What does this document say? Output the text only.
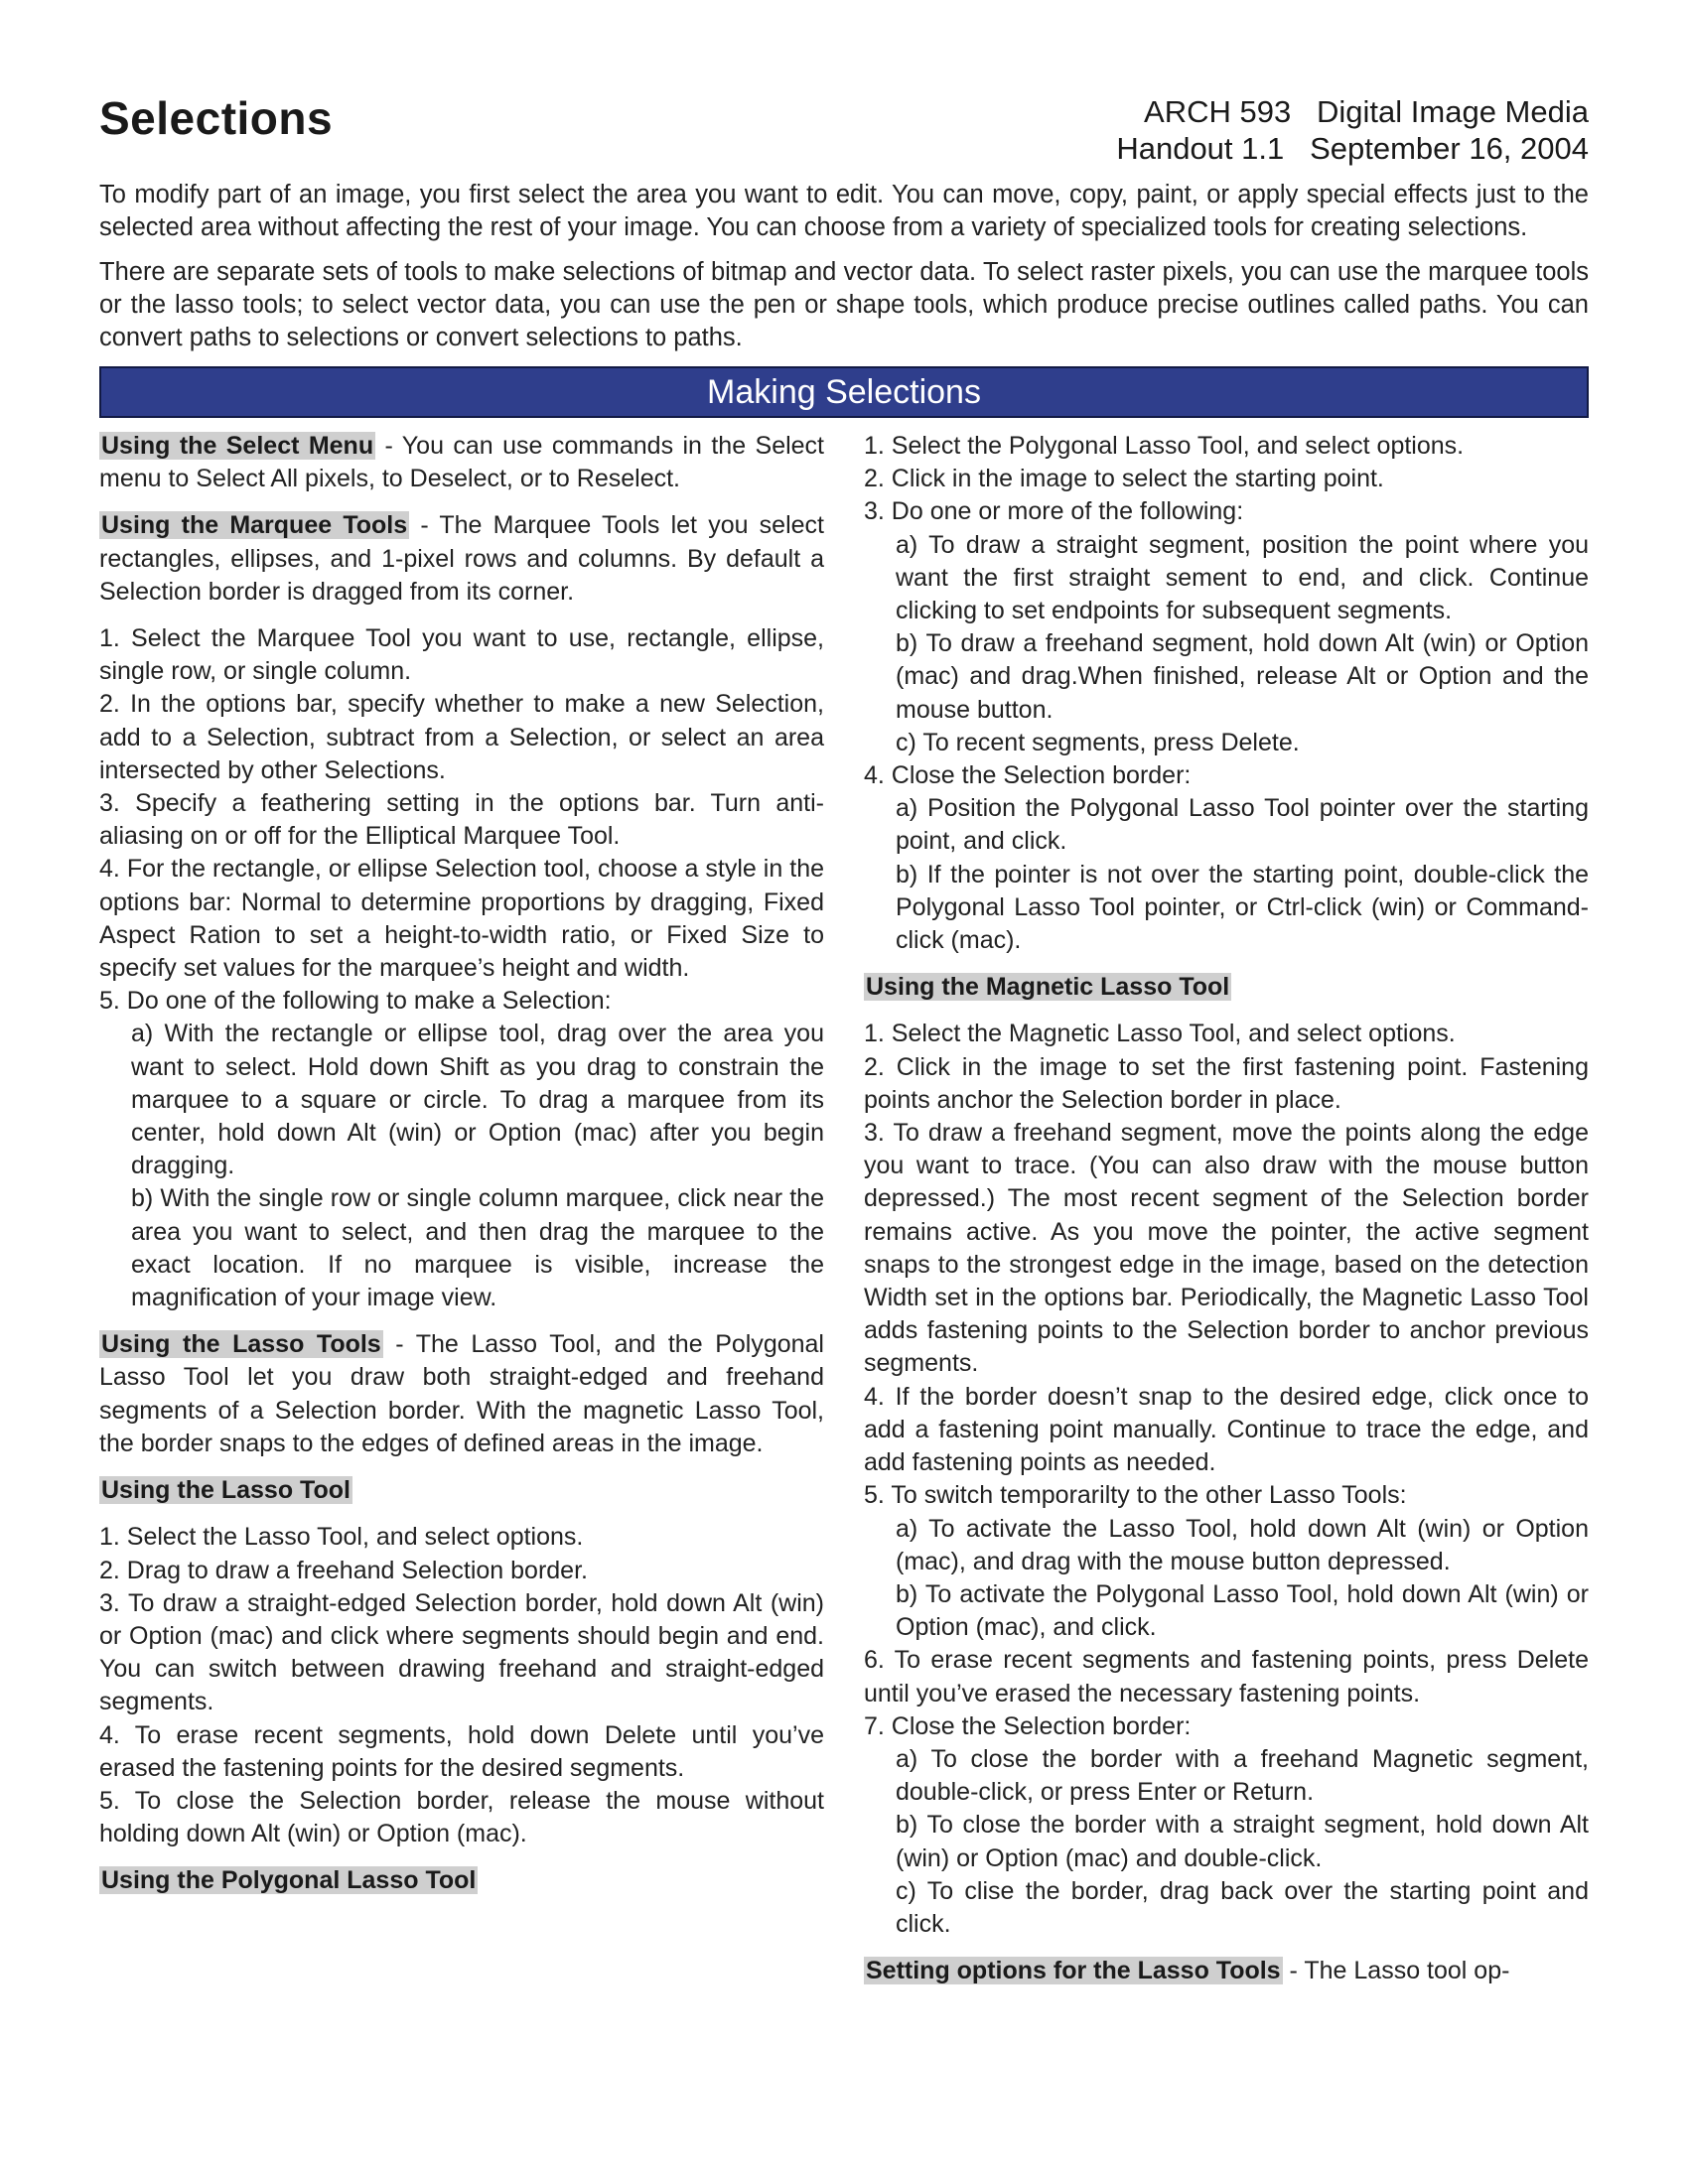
Selections	ARCH 593   Digital Image Media
Handout 1.1   September 16, 2004

To modify part of an image, you first select the area you want to edit. You can move, copy, paint, or apply special effects just to the selected area without affecting the rest of your image. You can choose from a variety of specialized tools for creating selections.

There are separate sets of tools to make selections of bitmap and vector data. To select raster pixels, you can use the marquee tools or the lasso tools; to select vector data, you can use the pen or shape tools, which produce precise outlines called paths. You can convert paths to selections or convert selections to paths.

Making Selections

Using the Select Menu - You can use commands in the Select menu to Select All pixels, to Deselect, or to Reselect.

Using the Marquee Tools - The Marquee Tools let you select rectangles, ellipses, and 1-pixel rows and columns. By default a Selection border is dragged from its corner.

1. Select the Marquee Tool you want to use, rectangle, ellipse, single row, or single column.
2. In the options bar, specify whether to make a new Selection, add to a Selection, subtract from a Selection, or select an area intersected by other Selections.
3. Specify a feathering setting in the options bar. Turn anti-aliasing on or off for the Elliptical Marquee Tool.
4. For the rectangle, or ellipse Selection tool, choose a style in the options bar: Normal to determine proportions by dragging, Fixed Aspect Ration to set a height-to-width ratio, or Fixed Size to specify set values for the marquee’s height and width.
5. Do one of the following to make a Selection:
a) With the rectangle or ellipse tool, drag over the area you want to select. Hold down Shift as you drag to constrain the marquee to a square or circle. To drag a marquee from its center, hold down Alt (win) or Option (mac) after you begin dragging.
b) With the single row or single column marquee, click near the area you want to select, and then drag the marquee to the exact location. If no marquee is visible, increase the magnification of your image view.

Using the Lasso Tools - The Lasso Tool, and the Polygonal Lasso Tool let you draw both straight-edged and freehand segments of a Selection border. With the magnetic Lasso Tool, the border snaps to the edges of defined areas in the image.

Using the Lasso Tool
1. Select the Lasso Tool, and select options.
2. Drag to draw a freehand Selection border.
3. To draw a straight-edged Selection border, hold down Alt (win) or Option (mac) and click where segments should begin and end. You can switch between drawing freehand and straight-edged segments.
4. To erase recent segments, hold down Delete until you’ve erased the fastening points for the desired segments.
5. To close the Selection border, release the mouse without holding down Alt (win) or Option (mac).
Using the Polygonal Lasso Tool
1. Select the Polygonal Lasso Tool, and select options.
2. Click in the image to select the starting point.
3. Do one or more of the following:
a) To draw a straight segment, position the point where you want the first straight sement to end, and click. Continue clicking to set endpoints for subsequent segments.
b) To draw a freehand segment, hold down Alt (win) or Option (mac) and drag.When finished, release Alt or Option and the mouse button.
c) To recent segments, press Delete.
4. Close the Selection border:
a) Position the Polygonal Lasso Tool pointer over the starting point, and click.
b) If the pointer is not over the starting point, double-click the Polygonal Lasso Tool pointer, or Ctrl-click (win) or Command-click (mac).
Using the Magnetic Lasso Tool
1. Select the Magnetic Lasso Tool, and select options.
2. Click in the image to set the first fastening point. Fastening points anchor the Selection border in place.
3. To draw a freehand segment, move the points along the edge you want to trace. (You can also draw with the mouse button depressed.) The most recent segment of the Selection border remains active. As you move the pointer, the active segment snaps to the strongest edge in the image, based on the detection Width set in the options bar. Periodically, the Magnetic Lasso Tool adds fastening points to the Selection border to anchor previous segments.
4. If the border doesn’t snap to the desired edge, click once to add a fastening point manually. Continue to trace the edge, and add fastening points as needed.
5. To switch temporarilty to the other Lasso Tools:
a) To activate the Lasso Tool, hold down Alt (win) or Option (mac), and drag with the mouse button depressed.
b) To activate the Polygonal Lasso Tool, hold down Alt (win) or Option (mac), and click.
6. To erase recent segments and fastening points, press Delete until you’ve erased the necessary fastening points.
7. Close the Selection border:
a) To close the border with a freehand Magnetic segment, double-click, or press Enter or Return.
b) To close the border with a straight segment, hold down Alt (win) or Option (mac) and double-click.
c) To clise the border, drag back over the starting point and click.

Setting options for the Lasso Tools - The Lasso tool op-
